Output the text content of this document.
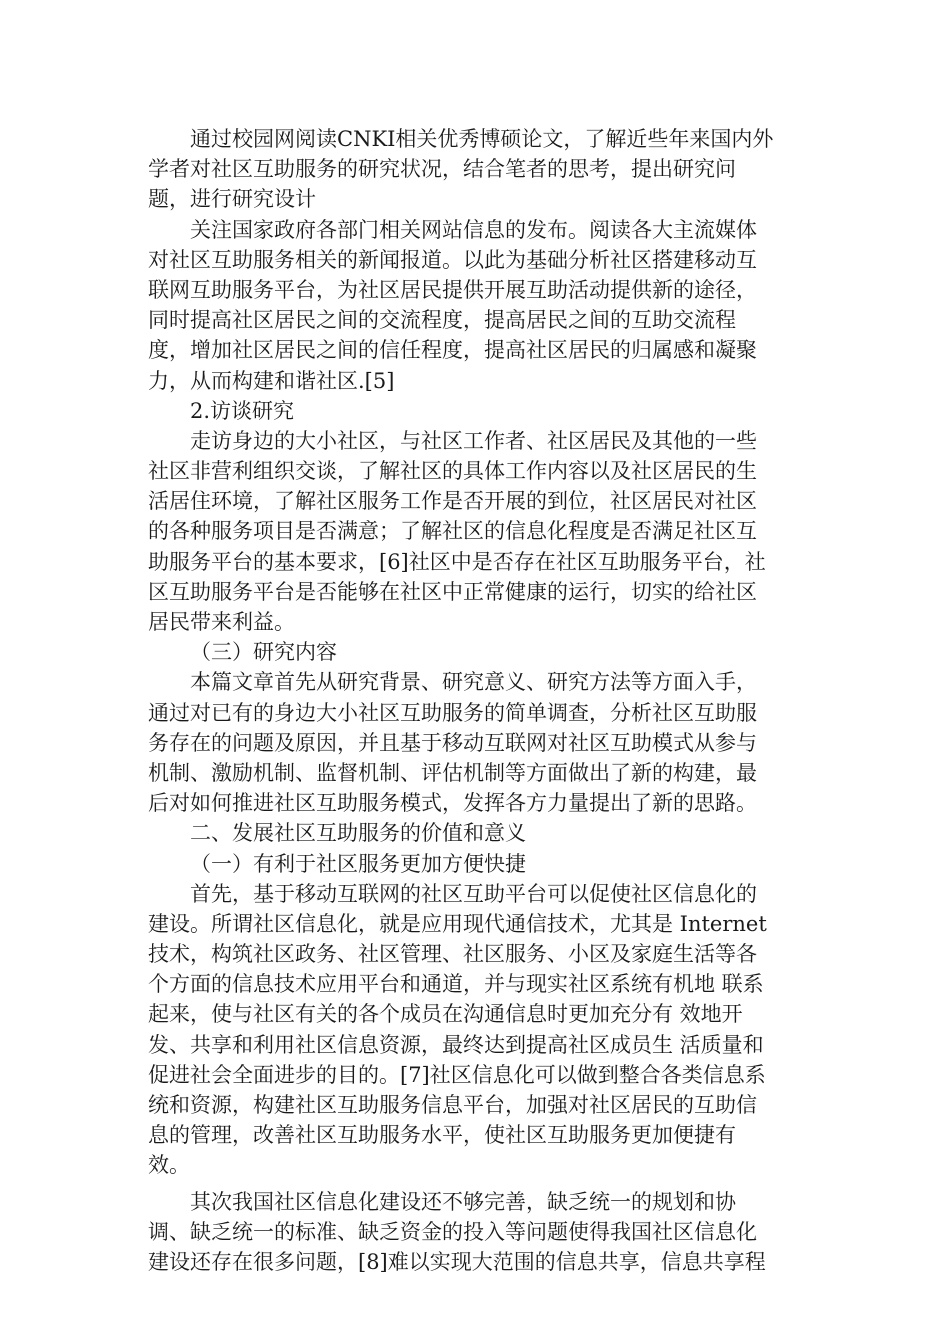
通过校园网阅读CNKI相关优秀博硕论文，了解近些年来国内外
学者对社区互助服务的研究状况，结合笔者的思考，提出研究问
题，进行研究设计
关注国家政府各部门相关网站信息的发布。阅读各大主流媒体
对社区互助服务相关的新闻报道。以此为基础分析社区搭建移动互
联网互助服务平台，为社区居民提供开展互助活动提供新的途径，
同时提高社区居民之间的交流程度，提高居民之间的互助交流程
度，增加社区居民之间的信任程度，提高社区居民的归属感和凝聚
力，从而构建和谐社区.[5]
2.访谈研究
走访身边的大小社区，与社区工作者、社区居民及其他的一些
社区非营利组织交谈，了解社区的具体工作内容以及社区居民的生
活居住环境，了解社区服务工作是否开展的到位，社区居民对社区
的各种服务项目是否满意；了解社区的信息化程度是否满足社区互
助服务平台的基本要求，[6]社区中是否存在社区互助服务平台，社
区互助服务平台是否能够在社区中正常健康的运行，切实的给社区
居民带来利益。
（三）研究内容
本篇文章首先从研究背景、研究意义、研究方法等方面入手，
通过对已有的身边大小社区互助服务的简单调查，分析社区互助服
务存在的问题及原因，并且基于移动互联网对社区互助模式从参与
机制、激励机制、监督机制、评估机制等方面做出了新的构建，最
后对如何推进社区互助服务模式，发挥各方力量提出了新的思路。
二、发展社区互助服务的价值和意义
（一）有利于社区服务更加方便快捷
首先，基于移动互联网的社区互助平台可以促使社区信息化的
建设。所谓社区信息化，就是应用现代通信技术，尤其是 Internet
技术，构筑社区政务、社区管理、社区服务、小区及家庭生活等各
个方面的信息技术应用平台和通道，并与现实社区系统有机地 联系
起来，使与社区有关的各个成员在沟通信息时更加充分有 效地开
发、共享和利用社区信息资源，最终达到提高社区成员生 活质量和
促进社会全面进步的目的。[7]社区信息化可以做到整合各类信息系
统和资源，构建社区互助服务信息平台，加强对社区居民的互助信
息的管理，改善社区互助服务水平，使社区互助服务更加便捷有
效。
其次我国社区信息化建设还不够完善，缺乏统一的规划和协
调、缺乏统一的标准、缺乏资金的投入等问题使得我国社区信息化
建设还存在很多问题，[8]难以实现大范围的信息共享，信息共享程
